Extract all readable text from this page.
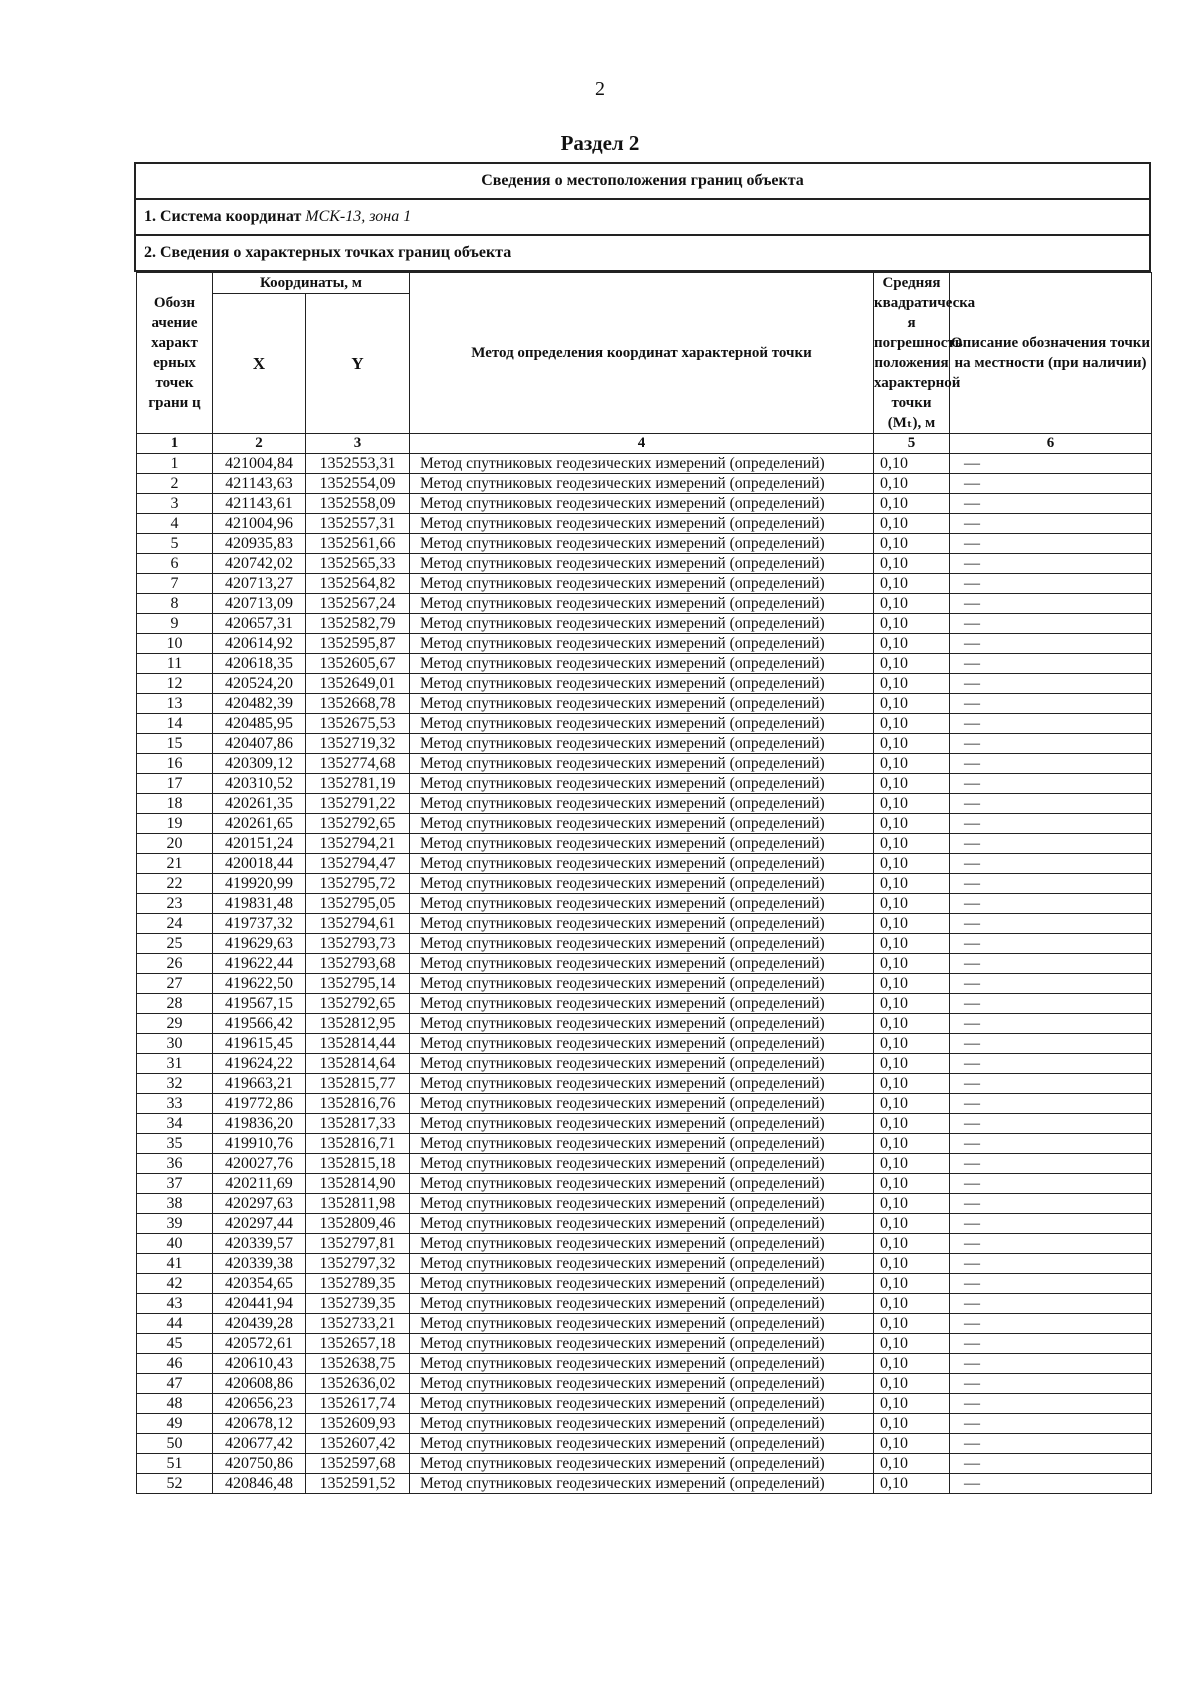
2
Раздел 2
Сведения о местоположения границ объекта
1. Система координат МСК-13, зона 1
2. Сведения о характерных точках границ объекта
Обозн ачение характ ерных точек грани ц	Координаты, м		Метод определения координат характерной точки	Средняя квадратическа я погрешность положения характерной точки (Mₜ), м	Описание обозначения точки на местности (при наличии)
	X	Y			
1	2	3	4	5	6
1	421004,84	1352553,31	Метод спутниковых геодезических измерений (определений)	0,10	—
2	421143,63	1352554,09	Метод спутниковых геодезических измерений (определений)	0,10	—
3	421143,61	1352558,09	Метод спутниковых геодезических измерений (определений)	0,10	—
4	421004,96	1352557,31	Метод спутниковых геодезических измерений (определений)	0,10	—
5	420935,83	1352561,66	Метод спутниковых геодезических измерений (определений)	0,10	—
6	420742,02	1352565,33	Метод спутниковых геодезических измерений (определений)	0,10	—
7	420713,27	1352564,82	Метод спутниковых геодезических измерений (определений)	0,10	—
8	420713,09	1352567,24	Метод спутниковых геодезических измерений (определений)	0,10	—
9	420657,31	1352582,79	Метод спутниковых геодезических измерений (определений)	0,10	—
10	420614,92	1352595,87	Метод спутниковых геодезических измерений (определений)	0,10	—
11	420618,35	1352605,67	Метод спутниковых геодезических измерений (определений)	0,10	—
12	420524,20	1352649,01	Метод спутниковых геодезических измерений (определений)	0,10	—
13	420482,39	1352668,78	Метод спутниковых геодезических измерений (определений)	0,10	—
14	420485,95	1352675,53	Метод спутниковых геодезических измерений (определений)	0,10	—
15	420407,86	1352719,32	Метод спутниковых геодезических измерений (определений)	0,10	—
16	420309,12	1352774,68	Метод спутниковых геодезических измерений (определений)	0,10	—
17	420310,52	1352781,19	Метод спутниковых геодезических измерений (определений)	0,10	—
18	420261,35	1352791,22	Метод спутниковых геодезических измерений (определений)	0,10	—
19	420261,65	1352792,65	Метод спутниковых геодезических измерений (определений)	0,10	—
20	420151,24	1352794,21	Метод спутниковых геодезических измерений (определений)	0,10	—
21	420018,44	1352794,47	Метод спутниковых геодезических измерений (определений)	0,10	—
22	419920,99	1352795,72	Метод спутниковых геодезических измерений (определений)	0,10	—
23	419831,48	1352795,05	Метод спутниковых геодезических измерений (определений)	0,10	—
24	419737,32	1352794,61	Метод спутниковых геодезических измерений (определений)	0,10	—
25	419629,63	1352793,73	Метод спутниковых геодезических измерений (определений)	0,10	—
26	419622,44	1352793,68	Метод спутниковых геодезических измерений (определений)	0,10	—
27	419622,50	1352795,14	Метод спутниковых геодезических измерений (определений)	0,10	—
28	419567,15	1352792,65	Метод спутниковых геодезических измерений (определений)	0,10	—
29	419566,42	1352812,95	Метод спутниковых геодезических измерений (определений)	0,10	—
30	419615,45	1352814,44	Метод спутниковых геодезических измерений (определений)	0,10	—
31	419624,22	1352814,64	Метод спутниковых геодезических измерений (определений)	0,10	—
32	419663,21	1352815,77	Метод спутниковых геодезических измерений (определений)	0,10	—
33	419772,86	1352816,76	Метод спутниковых геодезических измерений (определений)	0,10	—
34	419836,20	1352817,33	Метод спутниковых геодезических измерений (определений)	0,10	—
35	419910,76	1352816,71	Метод спутниковых геодезических измерений (определений)	0,10	—
36	420027,76	1352815,18	Метод спутниковых геодезических измерений (определений)	0,10	—
37	420211,69	1352814,90	Метод спутниковых геодезических измерений (определений)	0,10	—
38	420297,63	1352811,98	Метод спутниковых геодезических измерений (определений)	0,10	—
39	420297,44	1352809,46	Метод спутниковых геодезических измерений (определений)	0,10	—
40	420339,57	1352797,81	Метод спутниковых геодезических измерений (определений)	0,10	—
41	420339,38	1352797,32	Метод спутниковых геодезических измерений (определений)	0,10	—
42	420354,65	1352789,35	Метод спутниковых геодезических измерений (определений)	0,10	—
43	420441,94	1352739,35	Метод спутниковых геодезических измерений (определений)	0,10	—
44	420439,28	1352733,21	Метод спутниковых геодезических измерений (определений)	0,10	—
45	420572,61	1352657,18	Метод спутниковых геодезических измерений (определений)	0,10	—
46	420610,43	1352638,75	Метод спутниковых геодезических измерений (определений)	0,10	—
47	420608,86	1352636,02	Метод спутниковых геодезических измерений (определений)	0,10	—
48	420656,23	1352617,74	Метод спутниковых геодезических измерений (определений)	0,10	—
49	420678,12	1352609,93	Метод спутниковых геодезических измерений (определений)	0,10	—
50	420677,42	1352607,42	Метод спутниковых геодезических измерений (определений)	0,10	—
51	420750,86	1352597,68	Метод спутниковых геодезических измерений (определений)	0,10	—
52	420846,48	1352591,52	Метод спутниковых геодезических измерений (определений)	0,10	—
